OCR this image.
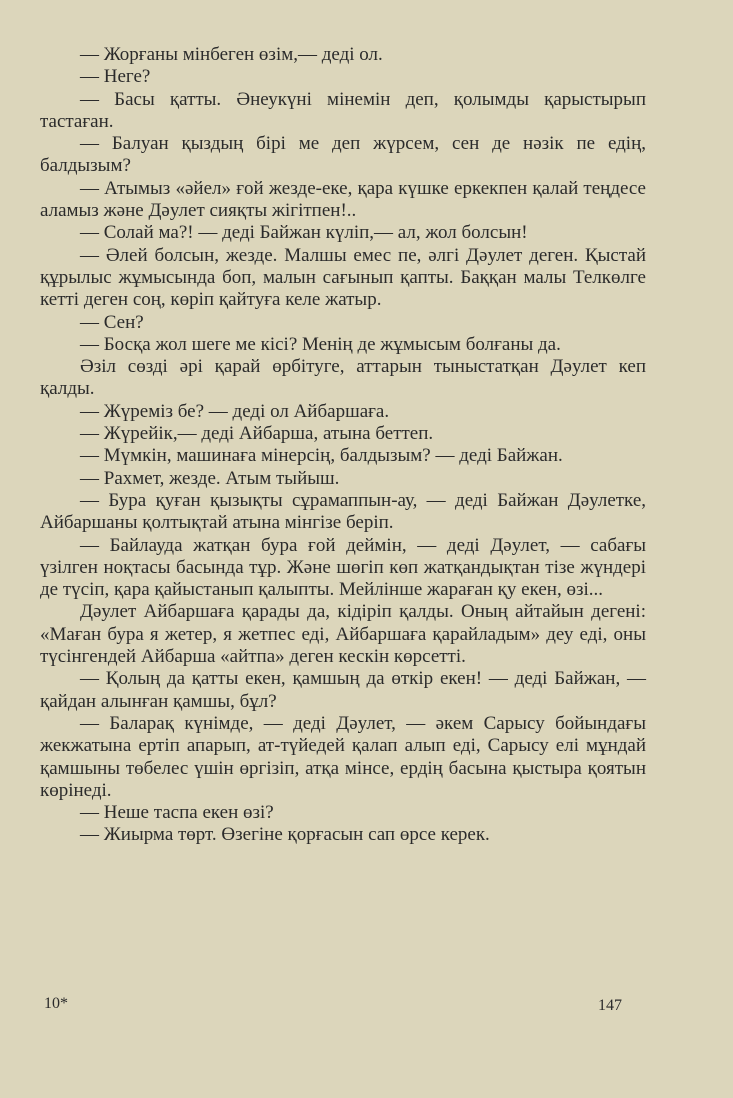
— Жорғаны мінбеген өзім,— деді ол.

— Неге?

— Басы қатты. Әнеукүні мінемін деп, қолымды қарыстырып тастаған.

— Балуан қыздың бірі ме деп жүрсем, сен де нәзік пе едің, балдызым?

— Атымыз «әйел» ғой жезде-еке, қара күшке еркекпен қалай теңдесе аламыз және Дәулет сияқты жігітпен!..

— Солай ма?! — деді Байжан күліп,— ал, жол болсын!

— Әлей болсын, жезде. Малшы емес пе, әлгі Дәулет деген. Қыстай құрылыс жұмысында боп, малын сағынып қапты. Баққан малы Телкөлге кетті деген соң, көріп қайтуға келе жатыр.

— Сен?

— Босқа жол шеге ме кісі? Менің де жұмысым болғаны да.

Әзіл сөзді әрі қарай өрбітуге, аттарын тыныстатқан Дәулет кеп қалды.

— Жүреміз бе? — деді ол Айбаршаға.

— Жүрейік,— деді Айбарша, атына беттеп.

— Мүмкін, машинаға мінерсің, балдызым? — деді Байжан.

— Рахмет, жезде. Атым тыйыш.

— Бура қуған қызықты сұрамаппын-ау, — деді Байжан Дәулетке, Айбаршаны қолтықтай атына мінгізе беріп.

— Байлауда жатқан бура ғой деймін, — деді Дәулет, — сабағы үзілген ноқтасы басында тұр. Және шөгіп көп жатқандықтан тізе жүндері де түсіп, қара қайыстанып қалыпты. Мейлінше жараған қу екен, өзі...

Дәулет Айбаршаға қарады да, кідіріп қалды. Оның айтайын дегені: «Маған бура я жетер, я жетпес еді, Айбаршаға қарайладым» деу еді, оны түсінгендей Айбарша «айтпа» деген кескін көрсетті.

— Қолың да қатты екен, қамшың да өткір екен! — деді Байжан, — қайдан алынған қамшы, бұл?

— Баларақ күнімде, — деді Дәулет, — әкем Сарысу бойындағы жекжатына ертіп апарып, ат-түйедей қалап алып еді, Сарысу елі мұндай қамшыны төбелес үшін өргізіп, атқа мінсе, ердің басына қыстыра қоятын көрінеді.

— Неше таспа екен өзі?

— Жиырма төрт. Өзегіне қорғасын сап өрсе керек.

10*	147
